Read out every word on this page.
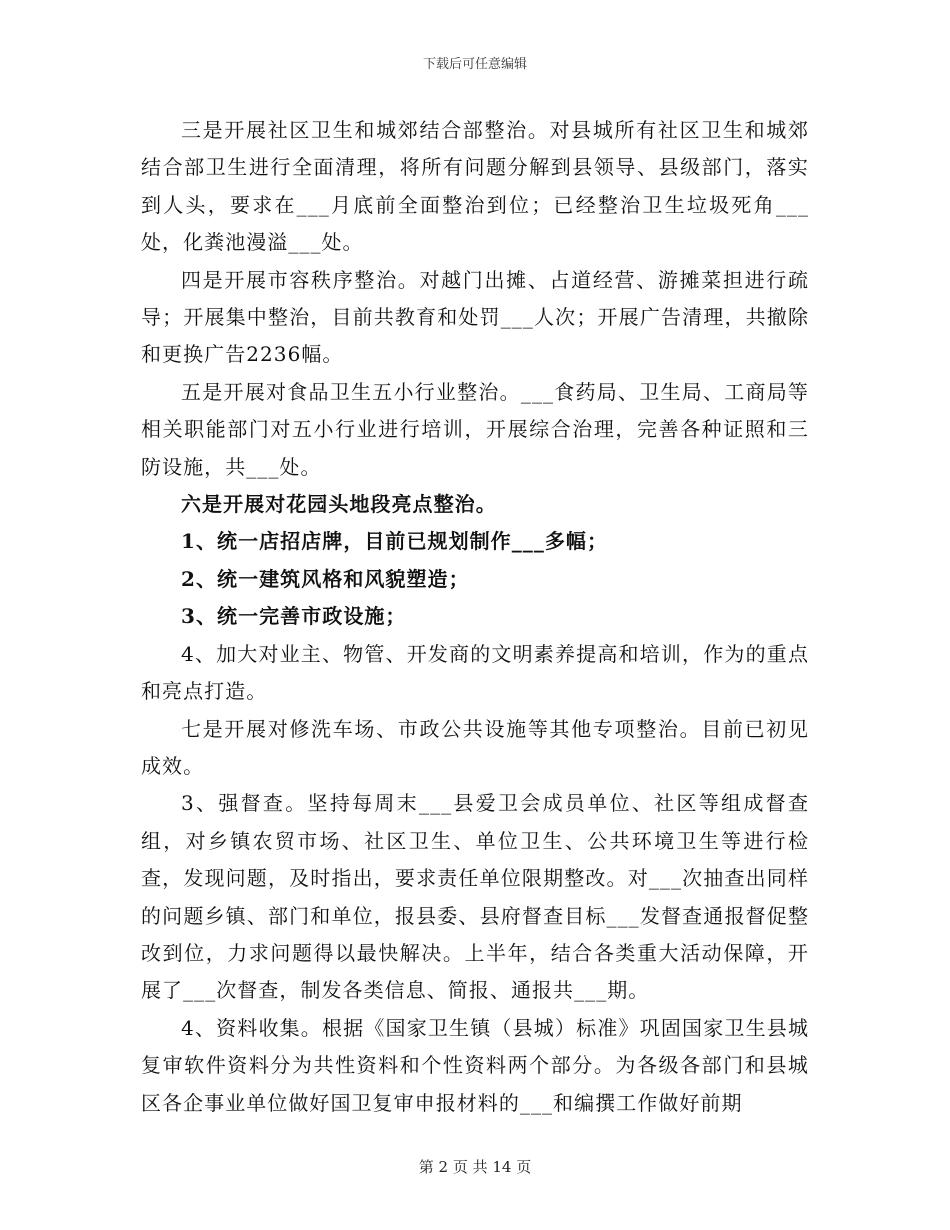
下载后可任意编辑

三是开展社区卫生和城郊结合部整治。对县城所有社区卫生和城郊结合部卫生进行全面清理，将所有问题分解到县领导、县级部门，落实到人头，要求在___月底前全面整治到位；已经整治卫生垃圾死角___处，化粪池漫溢___处。

四是开展市容秩序整治。对越门出摊、占道经营、游摊菜担进行疏导；开展集中整治，目前共教育和处罚___人次；开展广告清理，共撤除和更换广告2236幅。

五是开展对食品卫生五小行业整治。___食药局、卫生局、工商局等相关职能部门对五小行业进行培训，开展综合治理，完善各种证照和三防设施，共___处。

六是开展对花园头地段亮点整治。

1、统一店招店牌，目前已规划制作___多幅；

2、统一建筑风格和风貌塑造；

3、统一完善市政设施；

4、加大对业主、物管、开发商的文明素养提高和培训，作为的重点和亮点打造。

七是开展对修洗车场、市政公共设施等其他专项整治。目前已初见成效。

3、强督查。坚持每周末___县爱卫会成员单位、社区等组成督查组，对乡镇农贸市场、社区卫生、单位卫生、公共环境卫生等进行检查，发现问题，及时指出，要求责任单位限期整改。对___次抽查出同样的问题乡镇、部门和单位，报县委、县府督查目标___发督查通报督促整改到位，力求问题得以最快解决。上半年，结合各类重大活动保障，开展了___次督查，制发各类信息、简报、通报共___期。

4、资料收集。根据《国家卫生镇（县城）标准》巩固国家卫生县城复审软件资料分为共性资料和个性资料两个部分。为各级各部门和县城区各企事业单位做好国卫复审申报材料的___和编撰工作做好前期

第 2 页 共 14 页
